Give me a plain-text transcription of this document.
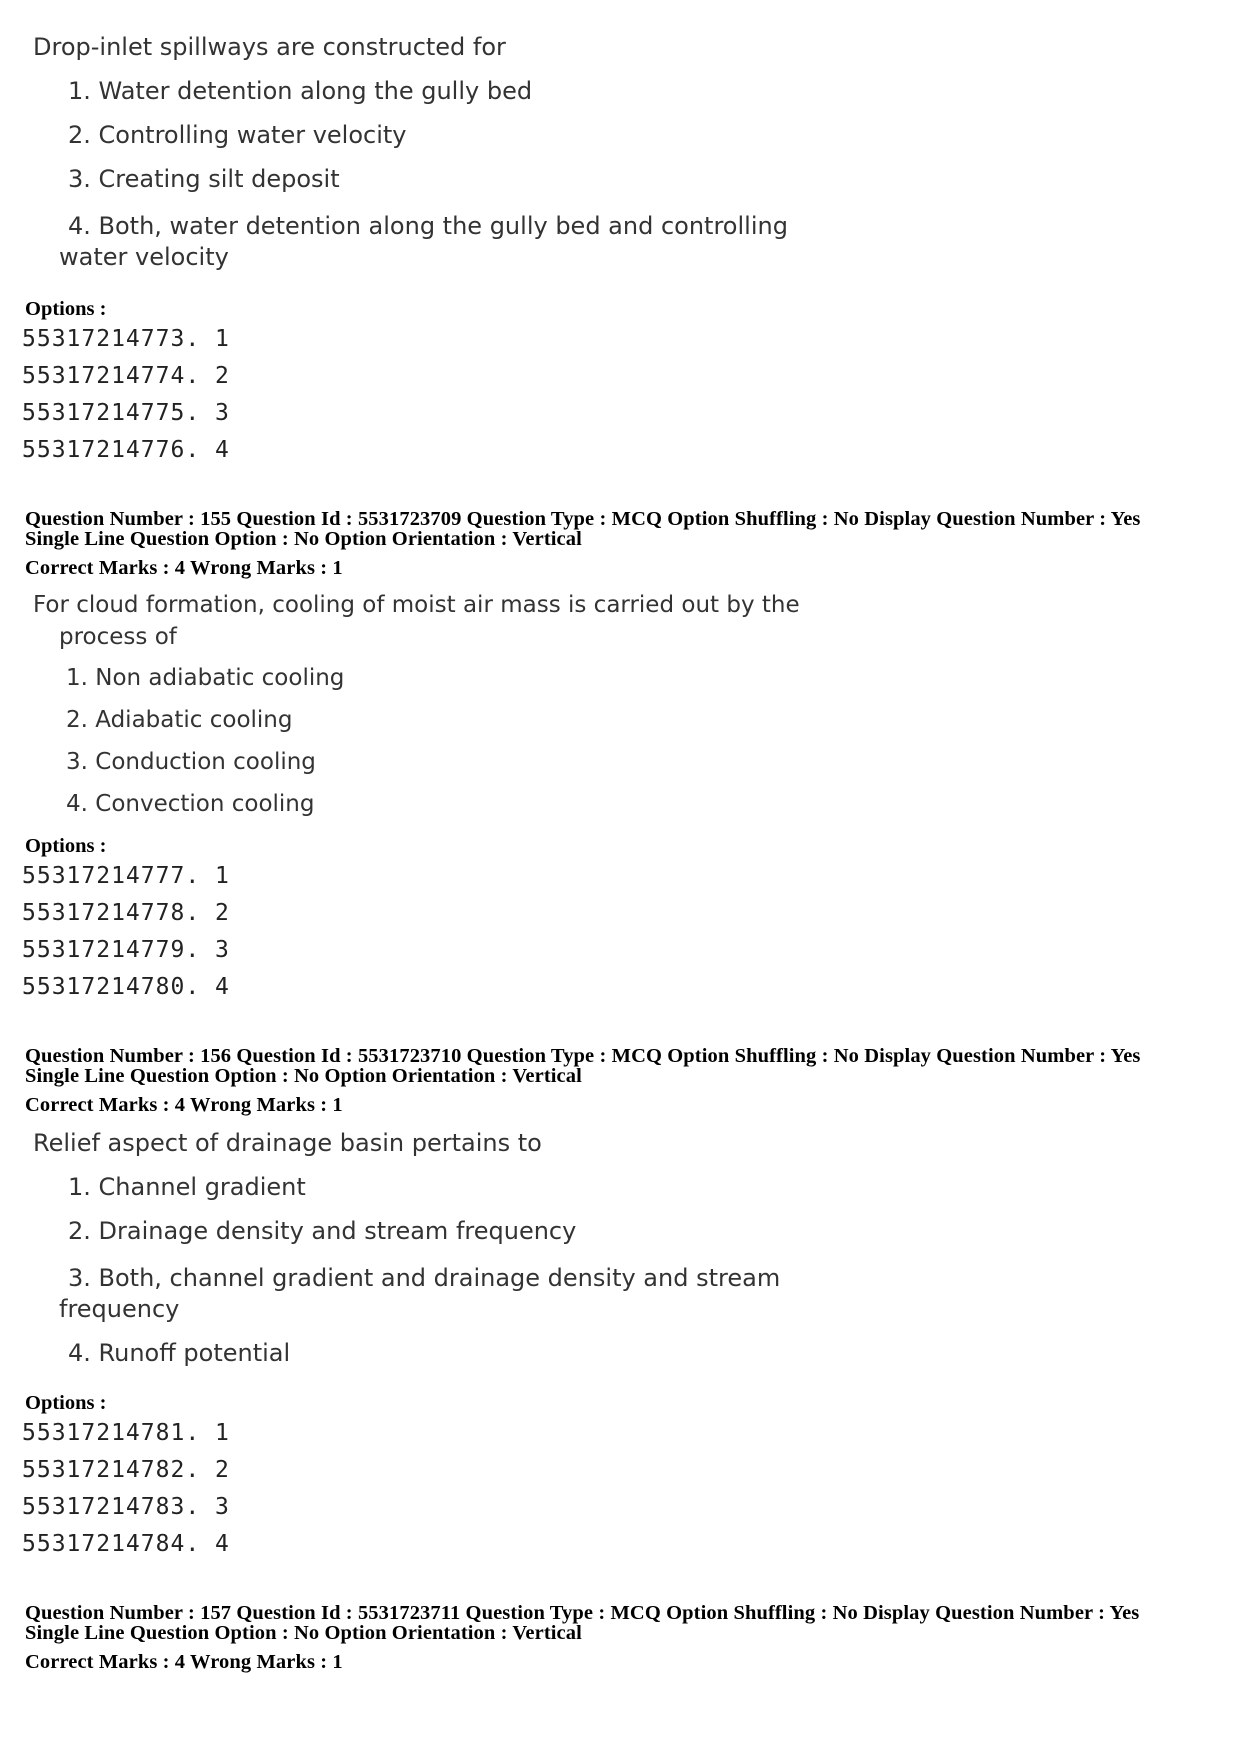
Drop-inlet spillways are constructed for
1. Water detention along the gully bed
2. Controlling water velocity
3. Creating silt deposit
4. Both, water detention along the gully bed and controlling
water velocity
Options :
55317214773. 1
55317214774. 2
55317214775. 3
55317214776. 4
Question Number : 155 Question Id : 5531723709 Question Type : MCQ Option Shuffling : No Display Question Number : Yes
Single Line Question Option : No Option Orientation : Vertical
Correct Marks : 4 Wrong Marks : 1
For cloud formation, cooling of moist air mass is carried out by the
process of
1. Non adiabatic cooling
2. Adiabatic cooling
3. Conduction cooling
4. Convection cooling
Options :
55317214777. 1
55317214778. 2
55317214779. 3
55317214780. 4
Question Number : 156 Question Id : 5531723710 Question Type : MCQ Option Shuffling : No Display Question Number : Yes
Single Line Question Option : No Option Orientation : Vertical
Correct Marks : 4 Wrong Marks : 1
Relief aspect of drainage basin pertains to
1. Channel gradient
2. Drainage density and stream frequency
3. Both, channel gradient and drainage density and stream
frequency
4. Runoff potential
Options :
55317214781. 1
55317214782. 2
55317214783. 3
55317214784. 4
Question Number : 157 Question Id : 5531723711 Question Type : MCQ Option Shuffling : No Display Question Number : Yes
Single Line Question Option : No Option Orientation : Vertical
Correct Marks : 4 Wrong Marks : 1
